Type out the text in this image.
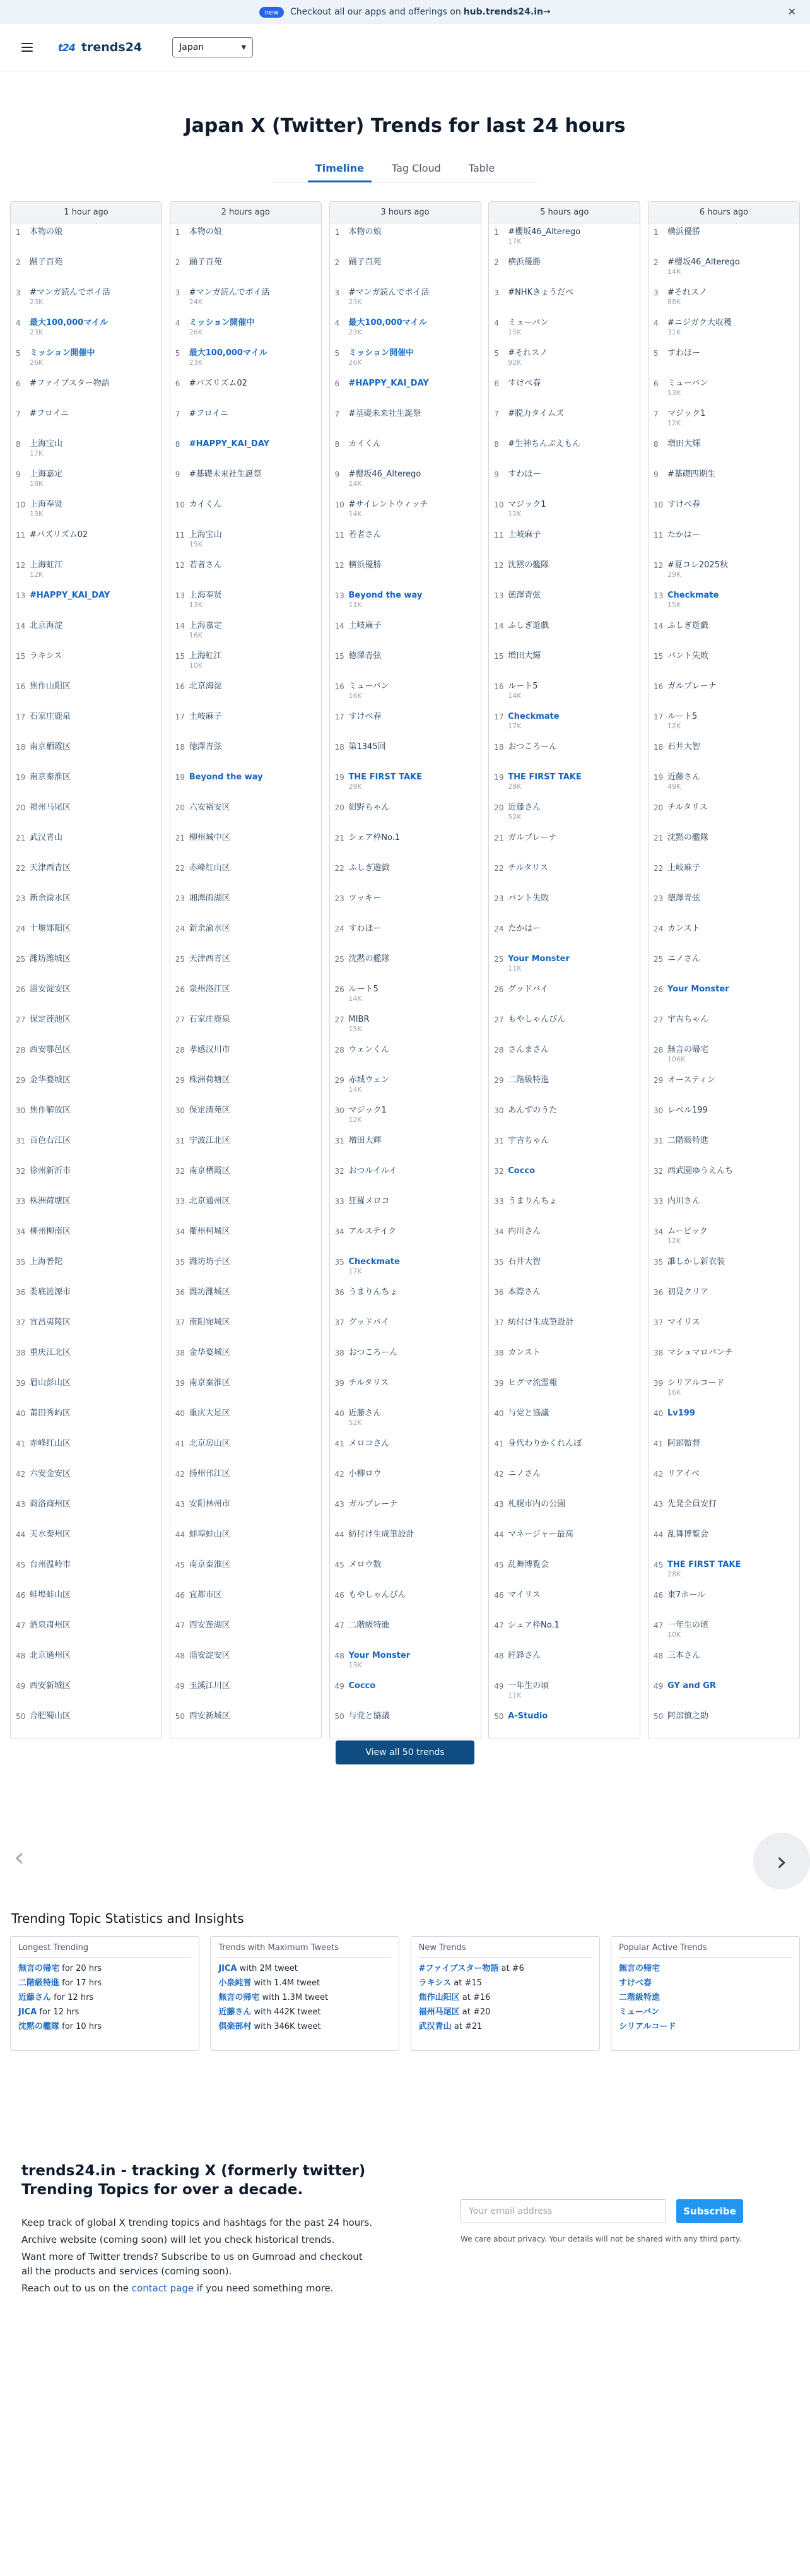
new	Checkout all our apps and offerings on hub.trends24.in →	✕
t24 trends24	Japan	▼
Japan X (Twitter) Trends for last 24 hours
Timeline	Tag Cloud	Table
1 hour ago
1	本物の娘
2	踊子百苑
3	#マンガ読んでポイ活
23K
4	最大100,000マイル
23K
5	ミッション開催中
26K
6	#ファイブスター物語
7	#フロイニ
8	上海宝山
17K
9	上海嘉定
18K
10 上海奉贤
13K
11 #パズリズム02
12 上海虹江
12K
13 #HAPPY_KAI_DAY
14 北京海淀
15 ラキシス
16 焦作山阳区
17 石家庄鹿泉
18 南京栖霞区
19 南京秦淮区
20 福州马尾区
21 武汉青山
22 天津西青区
23 新余渝水区
24 十堰郧阳区
25 潍坊潍城区
26 淄安淀安区
27 保定莲池区
28 西安鄠邑区
29 金华婺城区
30 焦作解放区
31 百色右江区
32 徐州新沂市
33 株洲荷塘区
34 柳州柳南区
35 上海普陀
36 娄底涟源市
37 宜昌夷陵区
38 重庆江北区
39 眉山彭山区
40 莆田秀屿区
41 赤峰红山区
42 六安金安区
43 商洛商州区
44 天水秦州区
45 台州温岭市
46 蚌埠蚌山区
47 酒泉肃州区
48 北京通州区
49 西安新城区
50 合肥蜀山区
2 hours ago
1	本物の娘
2	踊子百苑
3	#マンガ読んでポイ活
24K
4	ミッション開催中
26K
5	最大100,000マイル
23K
6	#パズリズム02
7	#フロイニ
8	#HAPPY_KAI_DAY
9	#基礎未来社生誕祭
10 カイくん
11 上海宝山
15K
12 若者さん
13 上海奉贤
13K
14 上海嘉定
16K
15 上海虹江
10K
16 北京海淀
17 土岐麻子
18 徳澤青弦
19 Beyond the way
20 六安裕安区
21 柳州城中区
22 赤峰红山区
23 湘潭雨湖区
24 新余渝水区
25 天津西青区
26 泉州洛江区
27 石家庄鹿泉
28 孝感汉川市
29 株洲荷塘区
30 保定清苑区
31 宁波江北区
32 南京栖霞区
33 北京通州区
34 衢州柯城区
35 潍坊坊子区
36 潍坊潍城区
37 南阳宛城区
38 金华婺城区
39 南京秦淮区
40 重庆大足区
41 北京房山区
42 扬州邗江区
43 安阳林州市
44 蚌埠蚌山区
45 南京秦淮区
46 宜都市区
47 西安莲湖区
48 淄安淀安区
49 玉溪江川区
50 西安新城区
3 hours ago
1	本物の娘
2	踊子百苑
3	#マンガ読んでポイ活
23K
4	最大100,000マイル
23K
5	ミッション開催中
26K
6	#HAPPY_KAI_DAY
7	#基礎未来社生誕祭
8	カイくん
9	#櫻坂46_Alterego
14K
10 #サイレントウィッチ
14K
11 若者さん
12 横浜優勝
13 Beyond the way
11K
14 土岐麻子
15 徳澤青弦
16 ミューバン
16K
17 すけべ春
18 第1345回
19 THE FIRST TAKE
29K
20 紺野ちゃん
21 シェア枠No.1
22 ふしぎ遊戯
23 ツッキー
24 すわほー
25 沈黙の艦隊
26 ルート5
14K
27 MIBR
15K
28 ウェンくん
29 赤城ウェン
14K
30 マジック1
12K
31 増田大輝
32 おつルイルイ
33 狂羅メロコ
34 アルステイク
35 Checkmate
17K
36 うまりんちょ
37 グッドバイ
38 おつころーん
39 チルタリス
40 近藤さん
52K
41 メロコさん
42 小柳ロウ
43 ガルプレーナ
44 紡付け生成筆設計
45 メロウ数
46 もやしゃんびん
47 二階級特進
48 Your Monster
13K
49 Cocco
50 与党と協議
5 hours ago
1	#櫻坂46_Alterego
17K
2	横浜優勝
3	#NHKきょうだべ
4	ミューバン
15K
5	#それスノ
92K
6	すけべ春
7	#脱力タイムズ
8	#生神ちんぶえもん
9	すわほー
10 マジック1
12K
11 土岐麻子
12 沈黙の艦隊
13 徳澤青弦
14 ふしぎ遊戯
15 増田大輝
16 ルート5
14K
17 Checkmate
17K
18 おつころーん
19 THE FIRST TAKE
29K
20 近藤さん
52K
21 ガルプレーナ
22 チルタリス
23 パント失敗
24 たかはー
25 Your Monster
11K
26 グッドバイ
27 もやしゃんびん
28 さんまさん
29 二階級特進
30 あんずのうた
31 宇吉ちゃん
32 Cocco
33 うまりんちょ
34 内川さん
35 石井大智
36 本際さん
37 紡付け生成筆設計
38 カンスト
39 ヒグマ流霊報
40 与党と協議
41 身代わりかくれんぼ
42 ニノさん
43 札幌市内の公園
44 マネージャー最高
45 乱舞博覧会
46 マイリス
47 シェア枠No.1
48 匠鋒さん
49 一年生の頃
11K
50 A-Studio
6 hours ago
1	横浜優勝
2	#櫻坂46_Alterego
14K
3	#それスノ
88K
4	#ニジガク大収穫
31K
5	すわほー
6	ミューバン
13K
7	マジック1
12K
8	増田大輝
9	#基礎四期生
10 すけべ春
11 たかはー
12 #夏コレ2025秋
29K
13 Checkmate
15K
14 ふしぎ遊戯
15 パント失敗
16 ガルプレーナ
17 ルート5
12K
18 石井大智
19 近藤さん
49K
20 チルタリス
21 沈黙の艦隊
22 土岐麻子
23 徳澤青弦
24 カンスト
25 ニノさん
26 Your Monster
27 宇吉ちゃん
28 無言の帰宅
106K
29 オースティン
30 レベル199
31 二階級特進
32 西武園ゆうえんち
33 内川さん
34 ムービック
12K
35 誰しかし新衣装
36 初見クリア
37 マイリス
38 マシュマロパンチ
39 シリアルコード
16K
40 Lv199
41 阿部監督
42 リアイベ
43 先発全員安打
44 乱舞博覧会
45 THE FIRST TAKE
28K
46 東7ホール
47 一年生の頃
10K
48 三本さん
49 GY and GR
50 阿部慎之助
View all 50 trends
‹	›
Trending Topic Statistics and Insights
Longest Trending
無言の帰宅 for 20 hrs
二階級特進 for 17 hrs
近藤さん for 12 hrs
JICA for 12 hrs
沈黙の艦隊 for 10 hrs
Trends with Maximum Tweets
JICA with 2M tweet
小泉純晋 with 1.4M tweet
無言の帰宅 with 1.3M tweet
近藤さん with 442K tweet
倶楽部村 with 346K tweet
New Trends
#ファイブスター物語 at #6
ラキシス at #15
焦作山阳区 at #16
福州马尾区 at #20
武汉青山 at #21
Popular Active Trends
無言の帰宅
すけべ春
二階級特進
ミューバン
シリアルコード
trends24.in - tracking X (formerly twitter) Trending Topics for over a decade.

Keep track of global X trending topics and hashtags for the past 24 hours.

Archive website (coming soon) will let you check historical trends.

Want more of Twitter trends? Subscribe to us on Gumroad and checkout all the products and services (coming soon).

Reach out to us on the contact page if you need something more.

Your email address
Subscribe
We care about privacy. Your details will not be shared with any third party.
